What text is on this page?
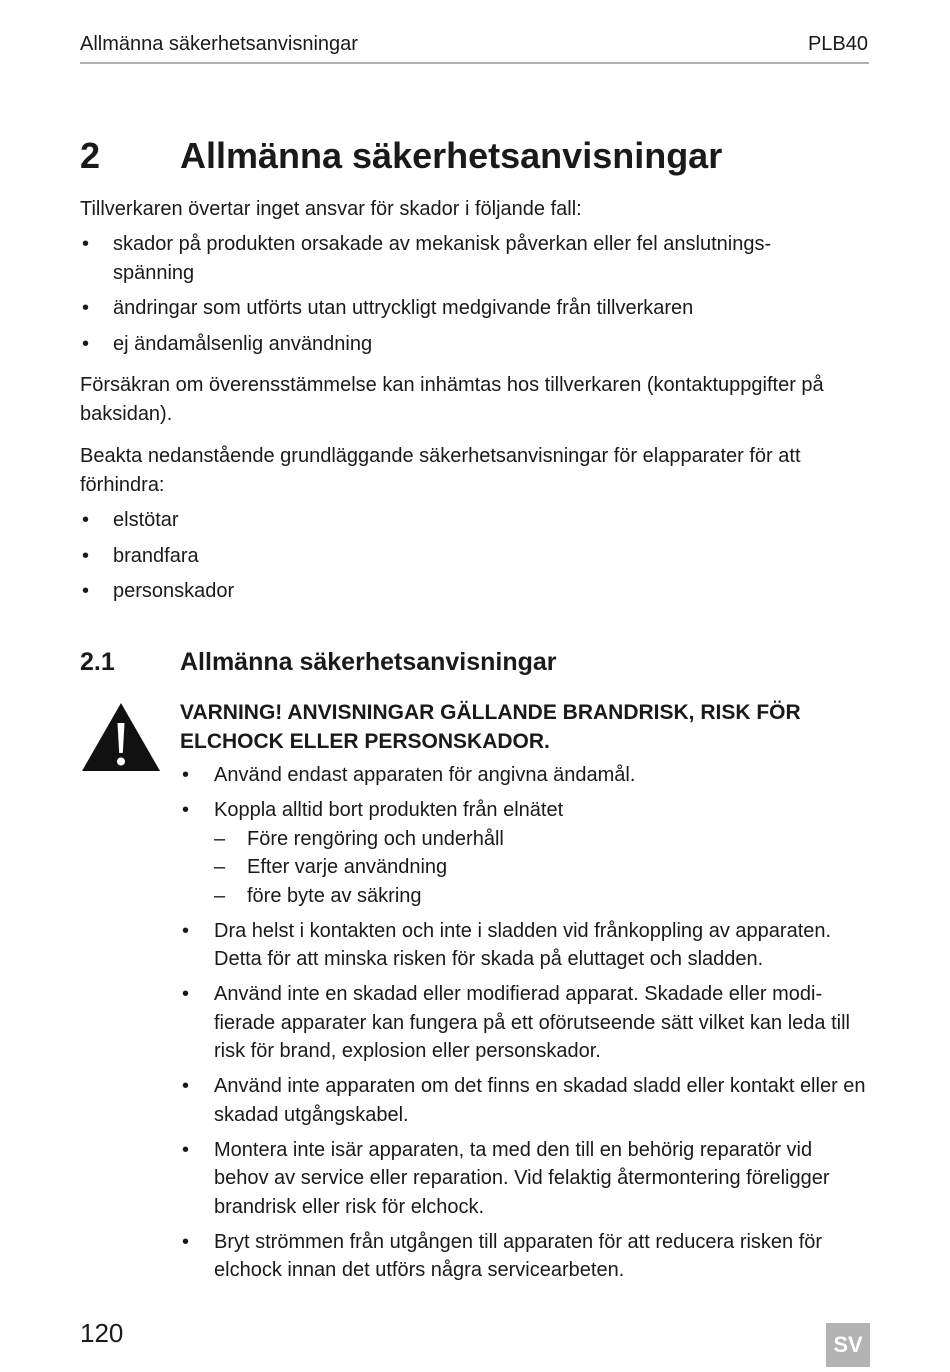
Allmänna säkerhetsanvisningar	PLB40
2 Allmänna säkerhetsanvisningar
Tillverkaren övertar inget ansvar för skador i följande fall:
• skador på produkten orsakade av mekanisk påverkan eller fel anslutnings-
spänning
• ändringar som utförts utan uttryckligt medgivande från tillverkaren
• ej ändamålsenlig användning
Försäkran om överensstämmelse kan inhämtas hos tillverkaren (kontaktuppgifter på baksidan).
Beakta nedanstående grundläggande säkerhetsanvisningar för elapparater för att förhindra:
• elstötar
• brandfara
• personskador
2.1	Allmänna säkerhetsanvisningar
VARNING! ANVISNINGAR GÄLLANDE BRANDRISK, RISK FÖR ELCHOCK ELLER PERSONSKADOR.
• Använd endast apparaten för angivna ändamål.
• Koppla alltid bort produkten från elnätet
– Före rengöring och underhåll
– Efter varje användning
– före byte av säkring
• Dra helst i kontakten och inte i sladden vid frånkoppling av apparaten. Detta för att minska risken för skada på eluttaget och sladden.
• Använd inte en skadad eller modifierad apparat. Skadade eller modi-
fierade apparater kan fungera på ett oförutseende sätt vilket kan leda till risk för brand, explosion eller personskador.
• Använd inte apparaten om det finns en skadad sladd eller kontakt eller en skadad utgångskabel.
• Montera inte isär apparaten, ta med den till en behörig reparatör vid behov av service eller reparation. Vid felaktig återmontering föreligger brandrisk eller risk för elchock.
• Bryt strömmen från utgången till apparaten för att reducera risken för elchock innan det utförs några servicearbeten.
120	SV
